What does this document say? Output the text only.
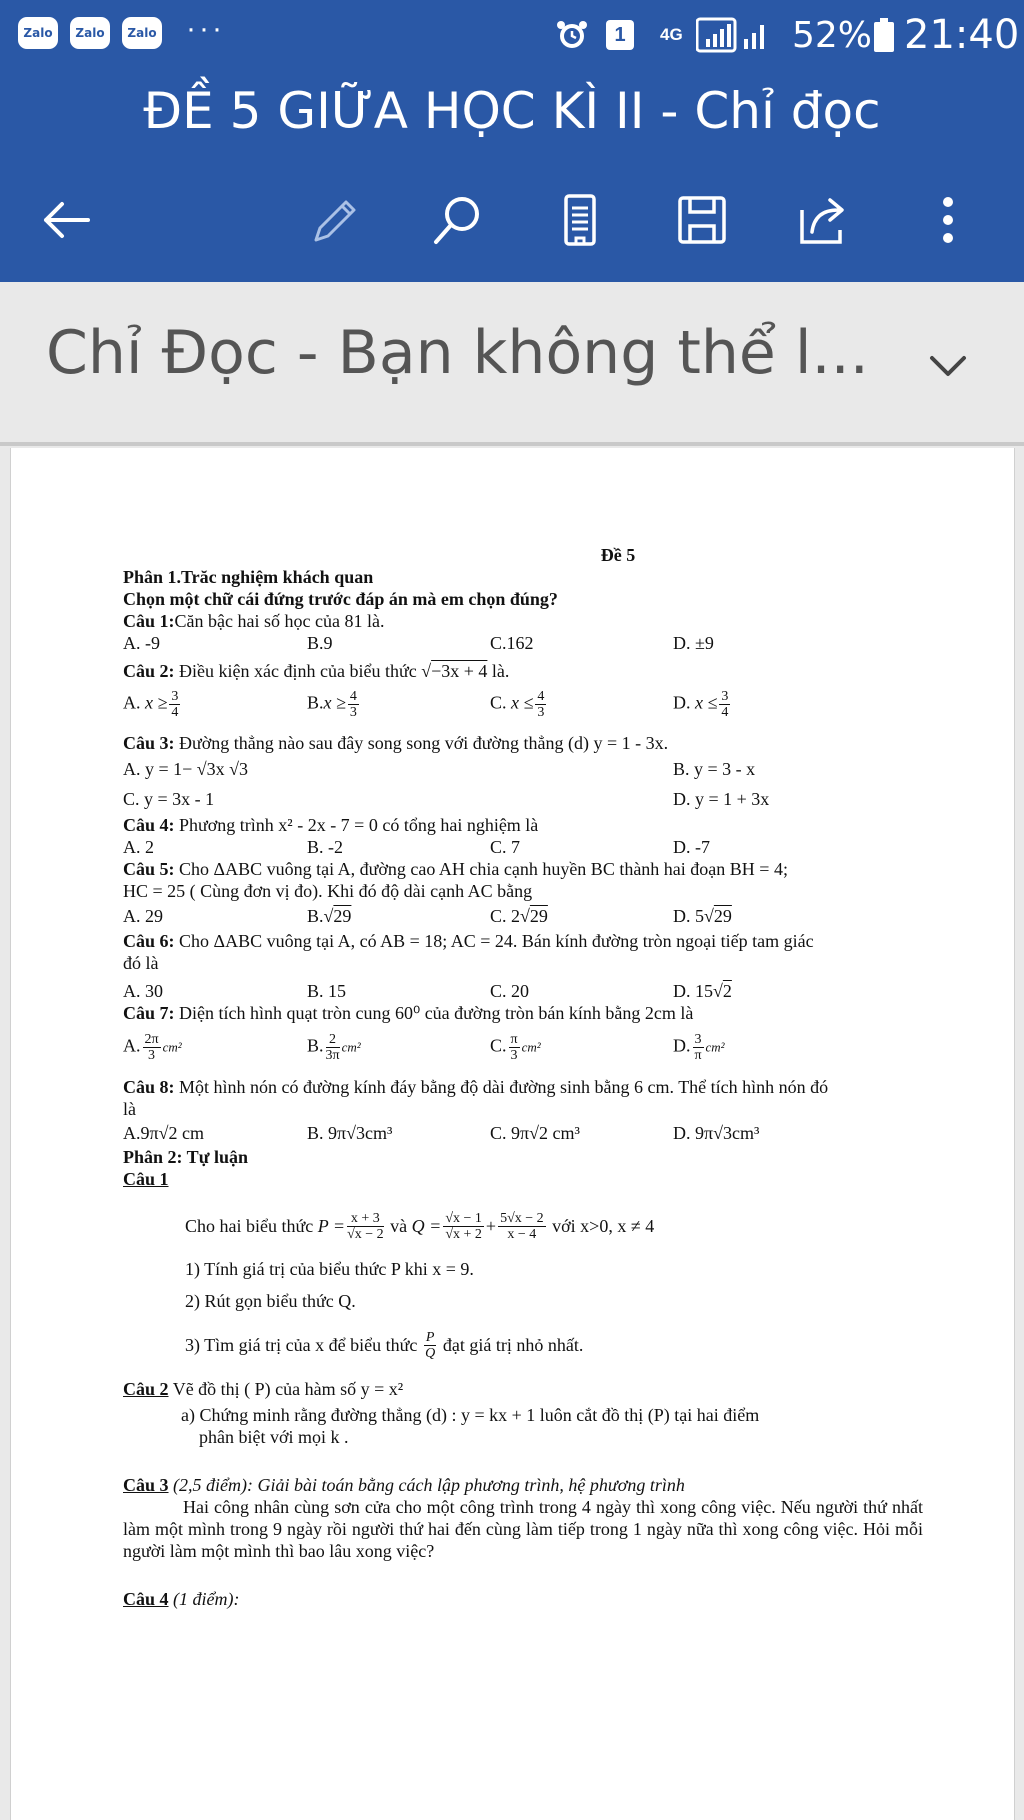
Zalo	Zalo	Zalo ···	1	4G	52% 21:40
ĐỀ 5 GIỮA HỌC KÌ II - Chỉ đọc
Chỉ Đọc - Bạn không thể l...
Đề 5
Phân 1.Trăc nghiệm khách quan
Chọn một chữ cái đứng trước đáp án mà em chọn đúng?
Câu 1:Căn bậc hai số học của 81 là.
A. -9	B.9	C.162	D. ±9
Câu 2: Điều kiện xác định của biểu thức √−3x + 4 là.
A. $x \ge \frac{3}{4}$	$B.x \ge \frac{4}{3}$	C. $x \le \frac{4}{3}$	D. $x \le \frac{3}{4}$
Câu 3: Đường thẳng nào sau đây song song với đường thẳng (d) y = 1 - 3x.
A. y = 1− √3x √3	B. y = 3 - x
C. y = 3x - 1	D. y = 1 + 3x
Câu 4: Phương trình x² - 2x - 7 = 0 có tổng hai nghiệm là
A. 2	B. -2	C. 7	D. -7
Câu 5: Cho ΔABC vuông tại A, đường cao AH chia cạnh huyền BC thành hai đoạn BH = 4;
HC = 25 ( Cùng đơn vị đo). Khi đó độ dài cạnh AC bằng
A. 29	B.√29	C. 2√29	D. 5√29
Câu 6: Cho ΔABC vuông tại A, có AB = 18; AC = 24. Bán kính đường tròn ngoại tiếp tam giác
đó là
A. 30	B. 15	C. 20	D. 15√2
Câu 7: Diện tích hình quạt tròn cung 60⁰ của đường tròn bán kính bằng 2cm là
A. $\frac{2\pi}{3} cm^2$	B. $\frac{2}{3\pi} cm^2$	C. $\frac{\pi}{3} cm^2$	D. $\frac{3}{\pi} cm^2$
Câu 8: Một hình nón có đường kính đáy bằng độ dài đường sinh bằng 6 cm. Thể tích hình nón đó
là
A.9π√2 cm	B. 9π√3cm³	C. 9π√2 cm³	D. 9π√3cm³
Phân 2: Tự luận
Câu 1
Cho hai biểu thức
$P = \frac{x + 3}{√x - 2}$
và
$Q = \frac{√x - 1}{√x + 2} + \frac{5√x - 2}{x - 4}$
với x>0, x ≠ 4
1) Tính giá trị của biểu thức P khi x = 9.
2) Rút gọn biểu thức Q.
3) Tìm giá trị của x để biểu thức
$\frac{P}{Q}$
đạt giá trị nhỏ nhất.
Câu 2 Vẽ đồ thị ( P) của hàm số y = x²
a) Chứng minh rằng đường thẳng (d) : y = kx + 1 luôn cắt đồ thị (P) tại hai điểm
phân biệt với mọi k .
Câu 3 (2,5 điểm): Giải bài toán bằng cách lập phương trình, hệ phương trình
Hai công nhân cùng sơn cửa cho một công trình trong 4 ngày thì xong công việc. Nếu người thứ nhất làm một mình trong 9 ngày rồi người thứ hai đến cùng làm tiếp trong 1 ngày nữa thì xong công việc. Hỏi mỗi người làm một mình thì bao lâu xong việc?
Câu 4 (1 điểm):
